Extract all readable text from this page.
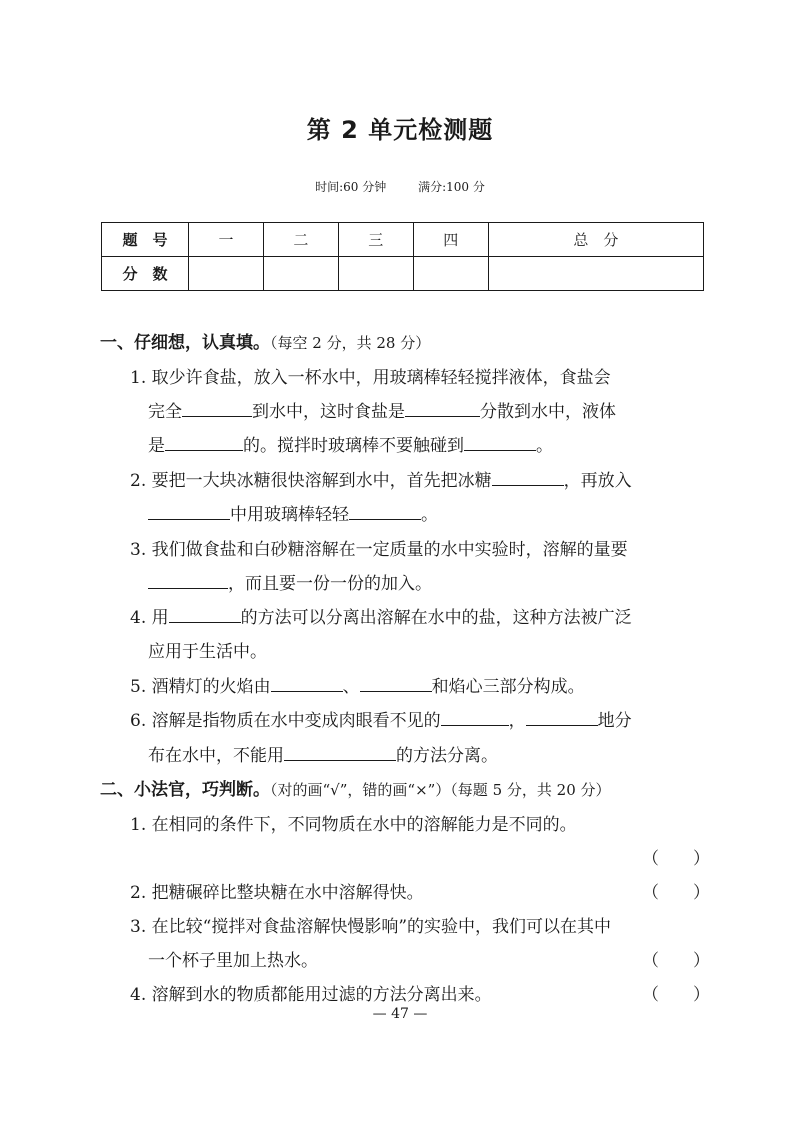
第 2 单元检测题
时间:60 分钟	满分:100 分
题　号	一	二	三	四	总　分
分　数					
一、仔细想，认真填。（每空 2 分，共 28 分）
1. 取少许食盐，放入一杯水中，用玻璃棒轻轻搅拌液体，食盐会
完全	到水中，这时食盐是	分散到水中，液体
是	的。搅拌时玻璃棒不要触碰到	。
2. 要把一大块冰糖很快溶解到水中，首先把冰糖	，再放入
中用玻璃棒轻轻	。
3. 我们做食盐和白砂糖溶解在一定质量的水中实验时，溶解的量要
，而且要一份一份的加入。
4. 用	的方法可以分离出溶解在水中的盐，这种方法被广泛
应用于生活中。
5. 酒精灯的火焰由	、	和焰心三部分构成。
6. 溶解是指物质在水中变成肉眼看不见的	，	地分
布在水中，不能用	的方法分离。
二、小法官，巧判断。（对的画“√”，错的画“×”）（每题 5 分，共 20 分）
1. 在相同的条件下，不同物质在水中的溶解能力是不同的。
（　　）
2. 把糖碾碎比整块糖在水中溶解得快。	（　　）
3. 在比较“搅拌对食盐溶解快慢影响”的实验中，我们可以在其中
一个杯子里加上热水。	（　　）
4. 溶解到水的物质都能用过滤的方法分离出来。	（　　）
— 47 —
